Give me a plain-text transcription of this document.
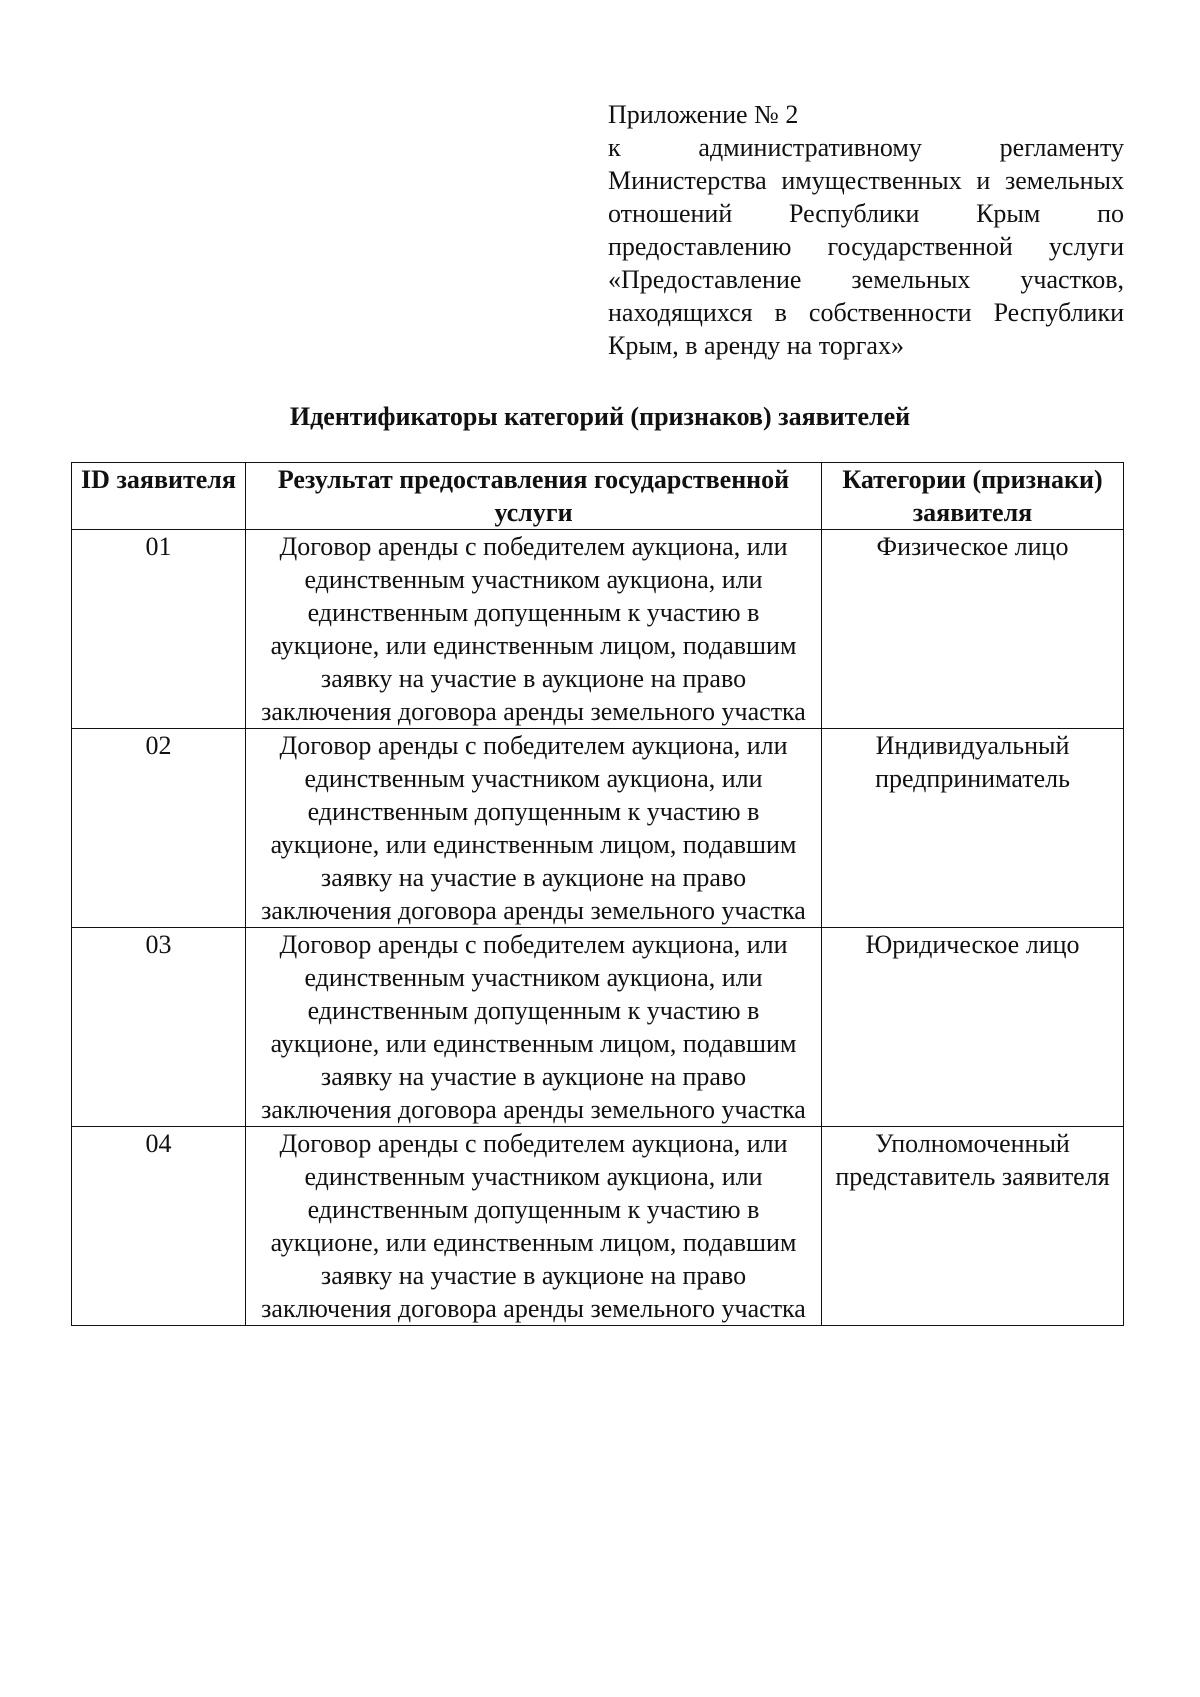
Приложение № 2
к административному регламенту Министерства имущественных и земельных отношений Республики Крым по предоставлению государственной услуги «Предоставление земельных участков, находящихся в собственности Республики Крым, в аренду на торгах»
Идентификаторы категорий (признаков) заявителей
ID заявителя	Результат предоставления государственной услуги	Категории (признаки) заявителя
01	Договор аренды с победителем аукциона, или единственным участником аукциона, или единственным допущенным к участию в аукционе, или единственным лицом, подавшим заявку на участие в аукционе на право заключения договора аренды земельного участка	Физическое лицо
02	Договор аренды с победителем аукциона, или единственным участником аукциона, или единственным допущенным к участию в аукционе, или единственным лицом, подавшим заявку на участие в аукционе на право заключения договора аренды земельного участка	Индивидуальный предприниматель
03	Договор аренды с победителем аукциона, или единственным участником аукциона, или единственным допущенным к участию в аукционе, или единственным лицом, подавшим заявку на участие в аукционе на право заключения договора аренды земельного участка	Юридическое лицо
04	Договор аренды с победителем аукциона, или единственным участником аукциона, или единственным допущенным к участию в аукционе, или единственным лицом, подавшим заявку на участие в аукционе на право заключения договора аренды земельного участка	Уполномоченный представитель заявителя
